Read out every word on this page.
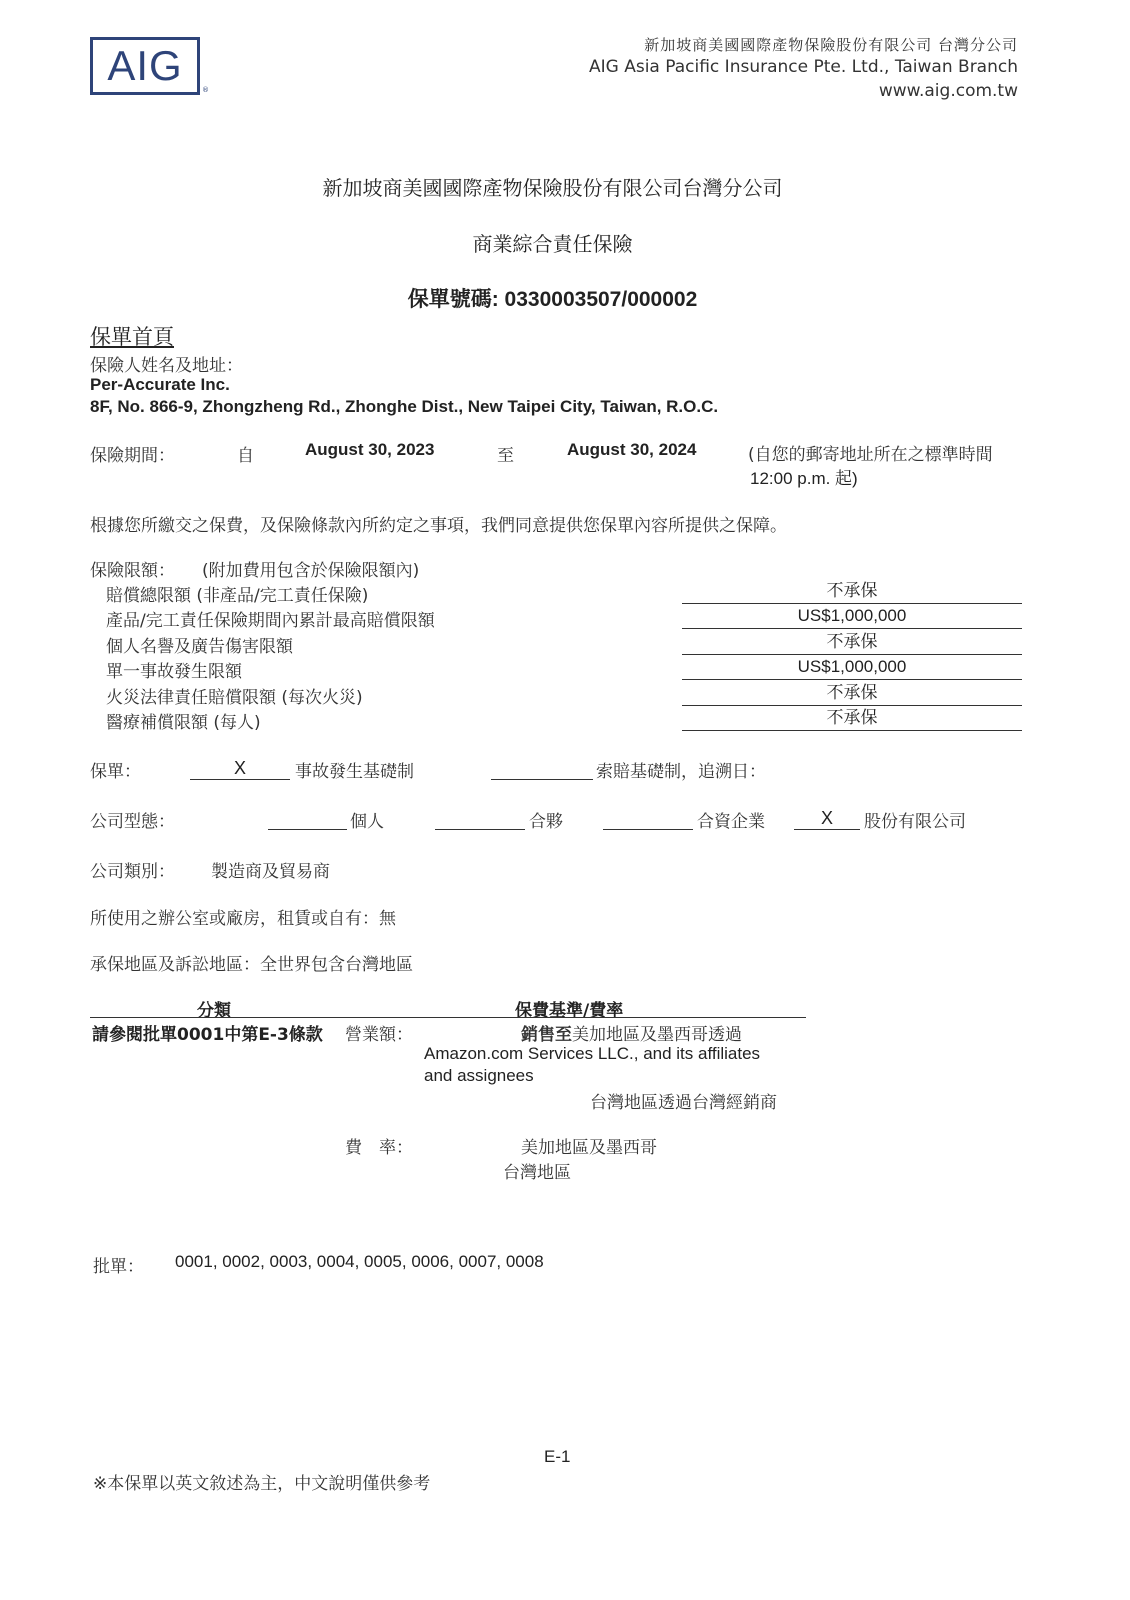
AIG
®
新加坡商美國國際產物保險股份有限公司 台灣分公司
AIG Asia Pacific Insurance Pte. Ltd., Taiwan Branch
www.aig.com.tw
新加坡商美國國際產物保險股份有限公司台灣分公司
商業綜合責任保險
保單號碼: 0330003507/000002
保單首頁
保險人姓名及地址：
Per-Accurate Inc.
8F, No. 866-9, Zhongzheng Rd., Zhonghe Dist., New Taipei City, Taiwan, R.O.C.
保險期間：	自	August 30, 2023	至	August 30, 2024	(自您的郵寄地址所在之標準時間
12:00 p.m. 起)
根據您所繳交之保費，及保險條款內所約定之事項，我們同意提供您保單內容所提供之保障。
保險限額： (附加費用包含於保險限額內)
賠償總限額 (非產品/完工責任保險)	不承保
產品/完工責任保險期間內累計最高賠償限額	US$1,000,000
個人名譽及廣告傷害限額	不承保
單一事故發生限額	US$1,000,000
火災法律責任賠償限額 (每次火災)	不承保
醫療補償限額 (每人)	不承保
保單：	X	事故發生基礎制	索賠基礎制，追溯日：
公司型態：	個人	合夥	合資企業	X	股份有限公司
公司類別： 製造商及貿易商
所使用之辦公室或廠房，租賃或自有：無
承保地區及訴訟地區：全世界包含台灣地區
分類	保費基準/費率
請參閱批單0001中第E-3條款 營業額：	銷售至美加地區及墨西哥透過
Amazon.com Services LLC., and its affiliates
and assignees
台灣地區透過台灣經銷商
費　率：	美加地區及墨西哥
台灣地區
批單： 0001, 0002, 0003, 0004, 0005, 0006, 0007, 0008
E-1
※本保單以英文敘述為主，中文說明僅供參考
